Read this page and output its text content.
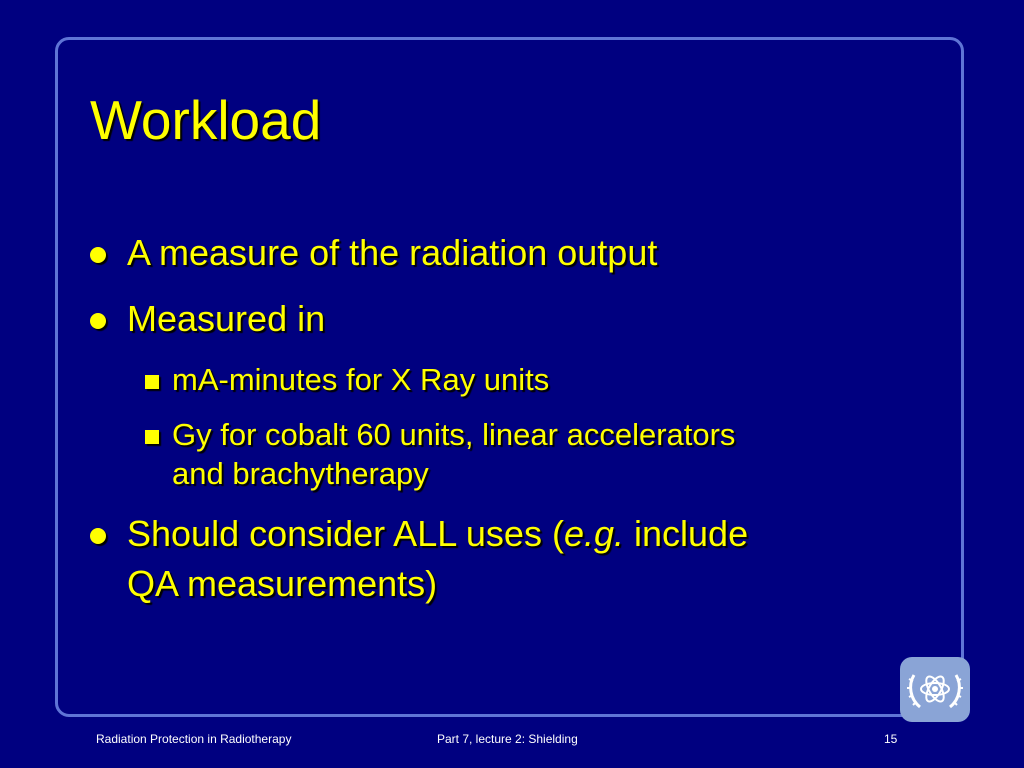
Workload
A measure of the radiation output
Measured in
mA-minutes for X Ray units
Gy for cobalt 60 units, linear accelerators
and brachytherapy
Should consider ALL uses (e.g. include
QA measurements)
Radiation Protection in Radiotherapy	Part 7, lecture 2: Shielding	15
